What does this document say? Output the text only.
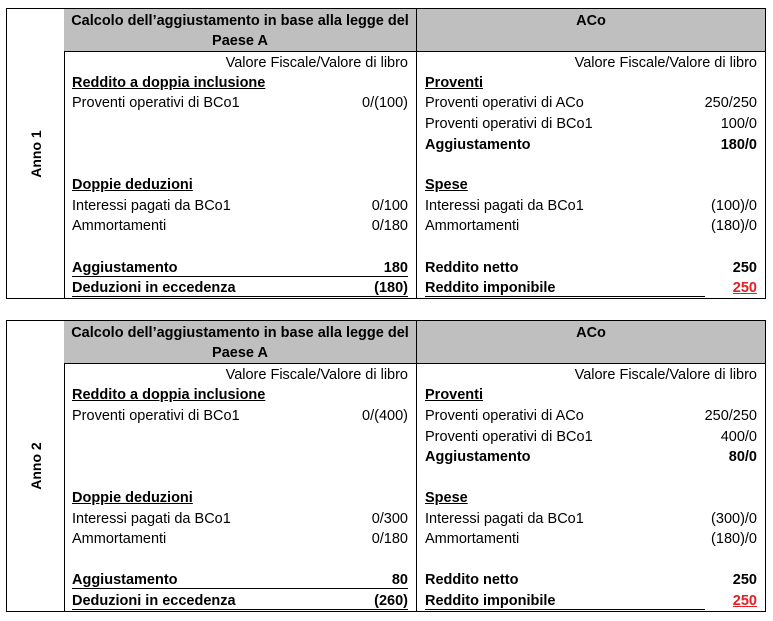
Anno 1
Calcolo dell’aggiustamento in base alla legge del Paese A
Valore Fiscale/Valore di libro
Reddito a doppia inclusione
Proventi operativi di BCo1	0/(100)
Doppie deduzioni
Interessi pagati da BCo1	0/100
Ammortamenti	0/180
Aggiustamento	180
Deduzioni in eccedenza	(180)
ACo
Valore Fiscale/Valore di libro
Proventi
Proventi operativi di ACo	250/250
Proventi operativi di BCo1	100/0
Aggiustamento	180/0
Spese
Interessi pagati da BCo1	(100)/0
Ammortamenti	(180)/0
Reddito netto	250
Reddito imponibile	250
Anno 2
Calcolo dell’aggiustamento in base alla legge del Paese A
Valore Fiscale/Valore di libro
Reddito a doppia inclusione
Proventi operativi di BCo1	0/(400)
Doppie deduzioni
Interessi pagati da BCo1	0/300
Ammortamenti	0/180
Aggiustamento	80
Deduzioni in eccedenza	(260)
ACo
Valore Fiscale/Valore di libro
Proventi
Proventi operativi di ACo	250/250
Proventi operativi di BCo1	400/0
Aggiustamento	80/0
Spese
Interessi pagati da BCo1	(300)/0
Ammortamenti	(180)/0
Reddito netto	250
Reddito imponibile	250
